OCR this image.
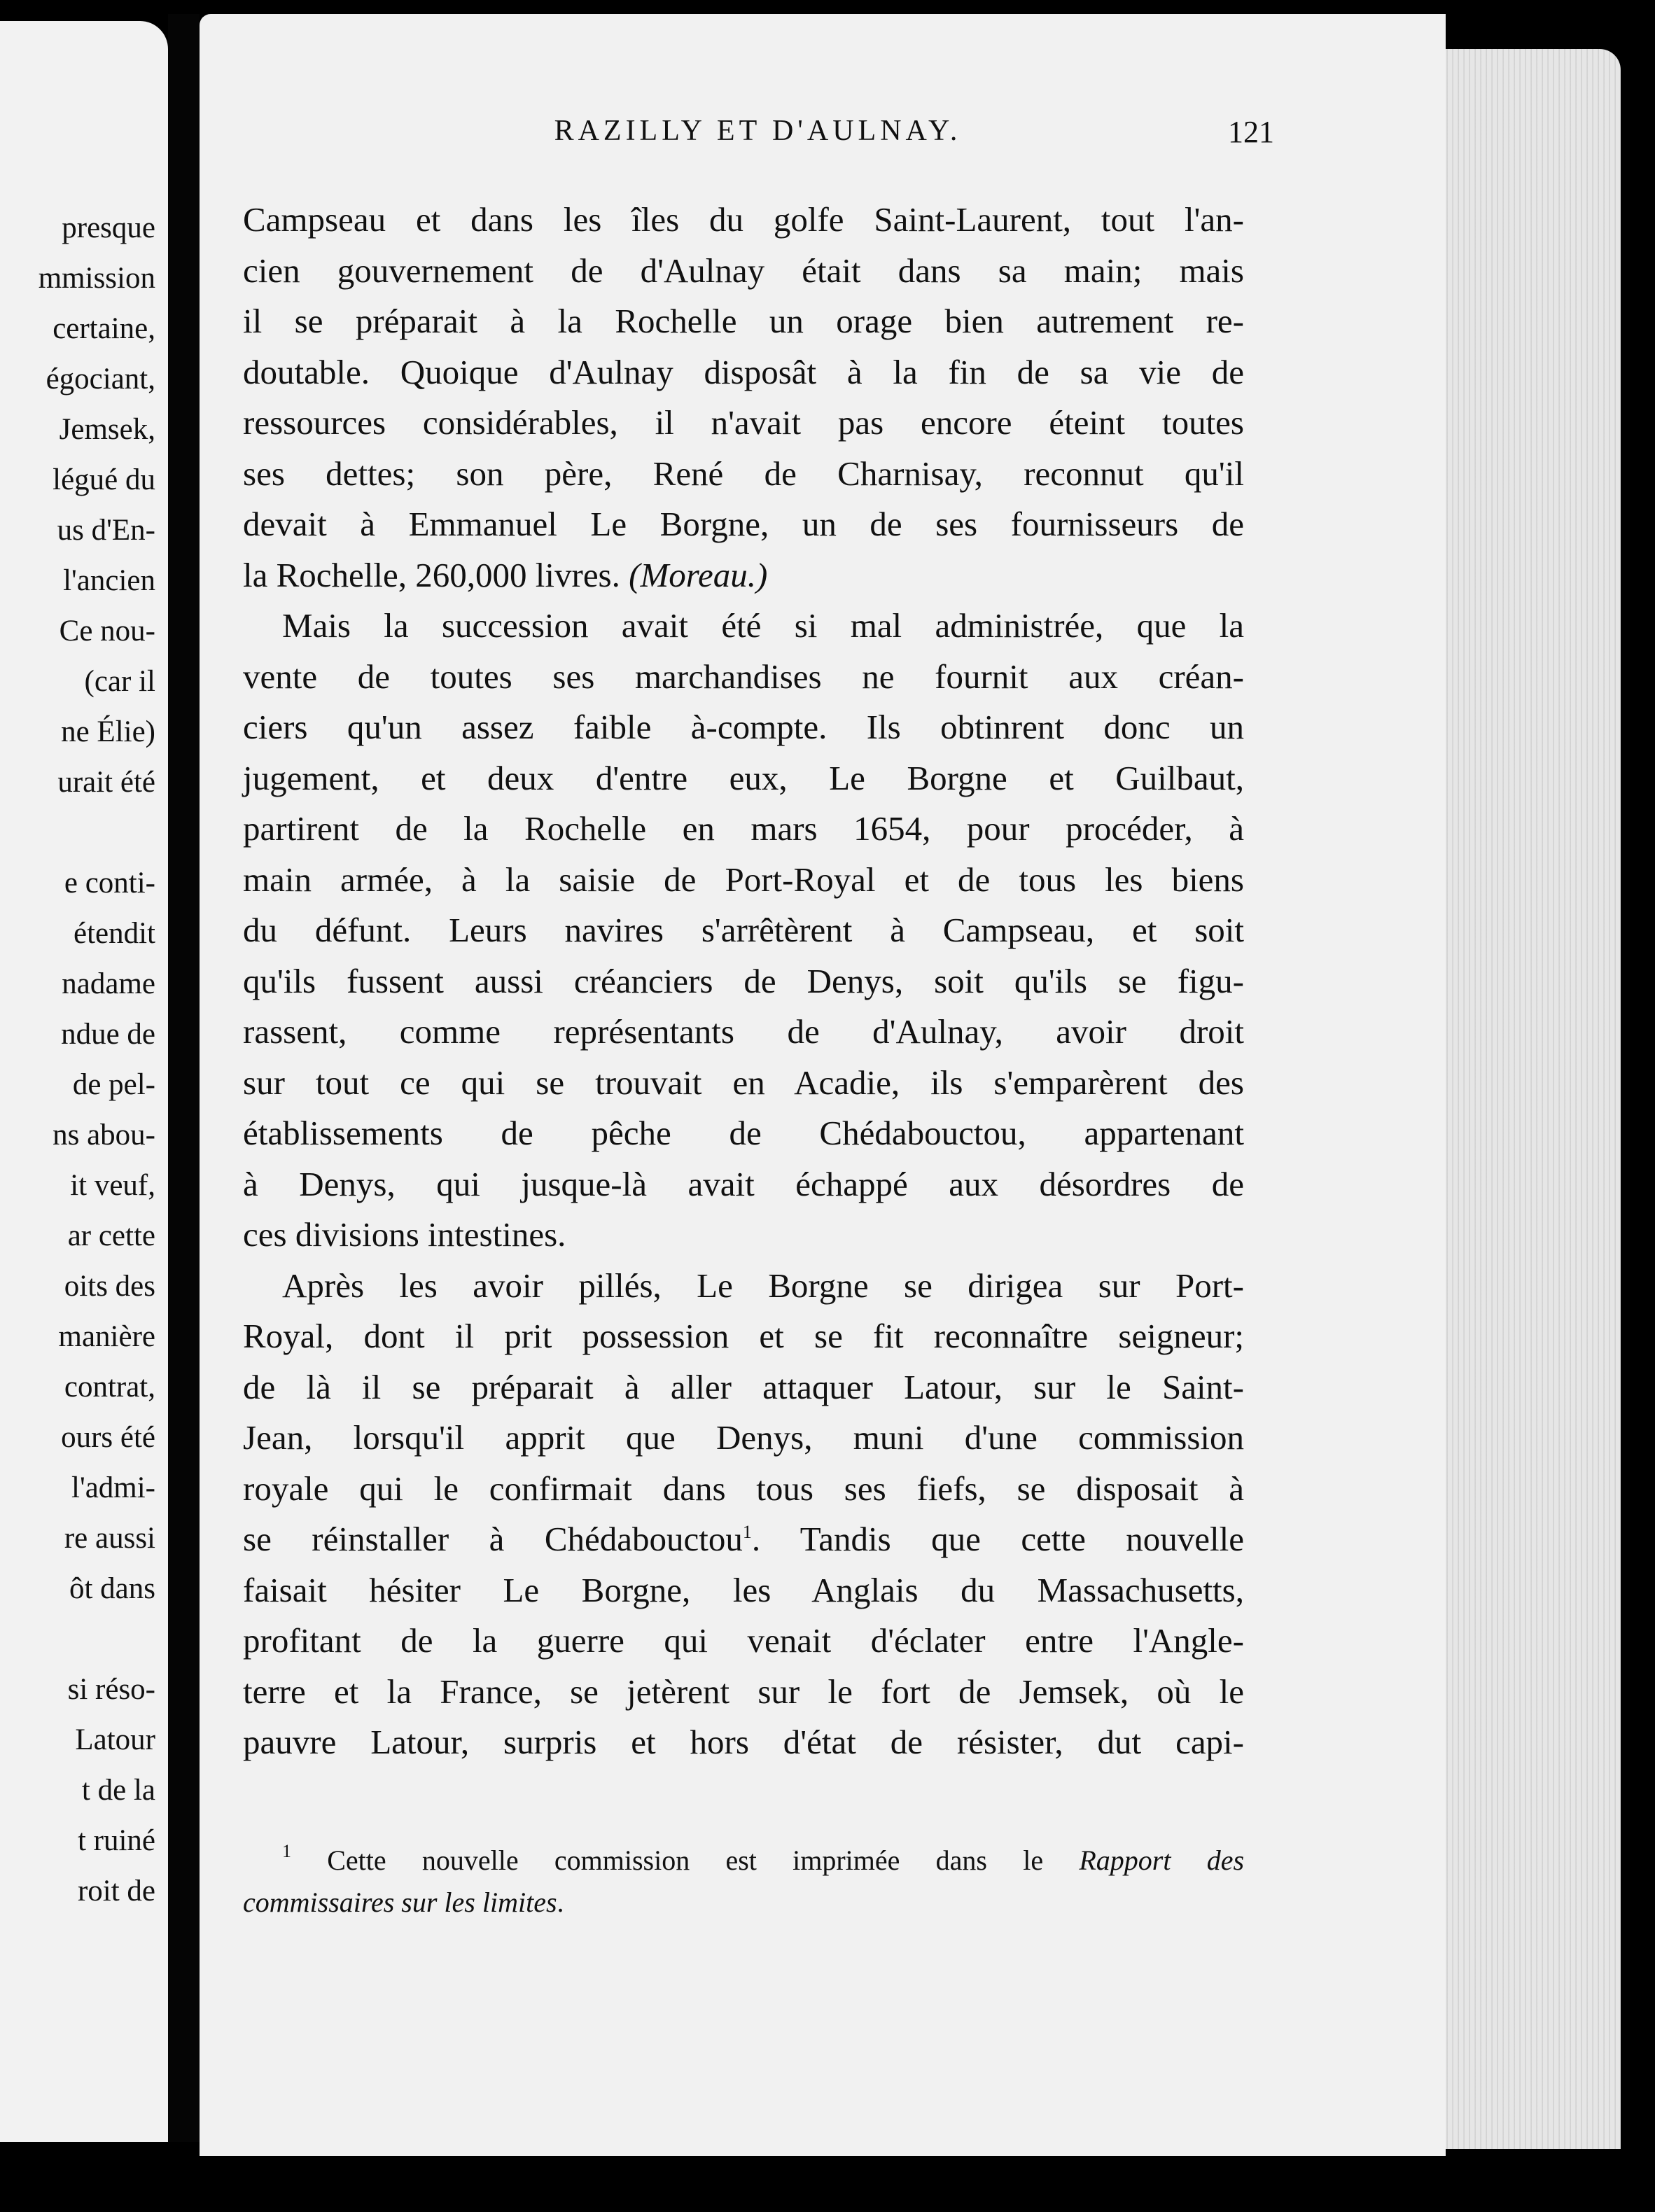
presque
mmission
certaine,
égociant,
Jemsek,
légué du
us d'En-
l'ancien
Ce nou-
(car il
ne Élie)
urait été
e conti-
étendit
nadame
ndue de
de pel-
ns abou-
it veuf,
ar cette
oits des
manière
contrat,
ours été
l'admi-
re aussi
ôt dans
si réso-
Latour
t de la
t ruiné
roit de
RAZILLY ET D'AULNAY.	121
Campseau et dans les îles du golfe Saint-Laurent, tout l'an-
cien gouvernement de d'Aulnay était dans sa main; mais
il se préparait à la Rochelle un orage bien autrement re-
doutable. Quoique d'Aulnay disposât à la fin de sa vie de
ressources considérables, il n'avait pas encore éteint toutes
ses dettes; son père, René de Charnisay, reconnut qu'il
devait à Emmanuel Le Borgne, un de ses fournisseurs de
la Rochelle, 260,000 livres. (Moreau.)
Mais la succession avait été si mal administrée, que la
vente de toutes ses marchandises ne fournit aux créan-
ciers qu'un assez faible à-compte. Ils obtinrent donc un
jugement, et deux d'entre eux, Le Borgne et Guilbaut,
partirent de la Rochelle en mars 1654, pour procéder, à
main armée, à la saisie de Port-Royal et de tous les biens
du défunt. Leurs navires s'arrêtèrent à Campseau, et soit
qu'ils fussent aussi créanciers de Denys, soit qu'ils se figu-
rassent, comme représentants de d'Aulnay, avoir droit
sur tout ce qui se trouvait en Acadie, ils s'emparèrent des
établissements de pêche de Chédabouctou, appartenant
à Denys, qui jusque-là avait échappé aux désordres de
ces divisions intestines.
Après les avoir pillés, Le Borgne se dirigea sur Port-
Royal, dont il prit possession et se fit reconnaître seigneur;
de là il se préparait à aller attaquer Latour, sur le Saint-
Jean, lorsqu'il apprit que Denys, muni d'une commission
royale qui le confirmait dans tous ses fiefs, se disposait à
se réinstaller à Chédabouctou$^1$. Tandis que cette nouvelle
faisait hésiter Le Borgne, les Anglais du Massachusetts,
profitant de la guerre qui venait d'éclater entre l'Angle-
terre et la France, se jetèrent sur le fort de Jemsek, où le
pauvre Latour, surpris et hors d'état de résister, dut capi-
$^1$ Cette nouvelle commission est imprimée dans le Rapport des
commissaires sur les limites.
